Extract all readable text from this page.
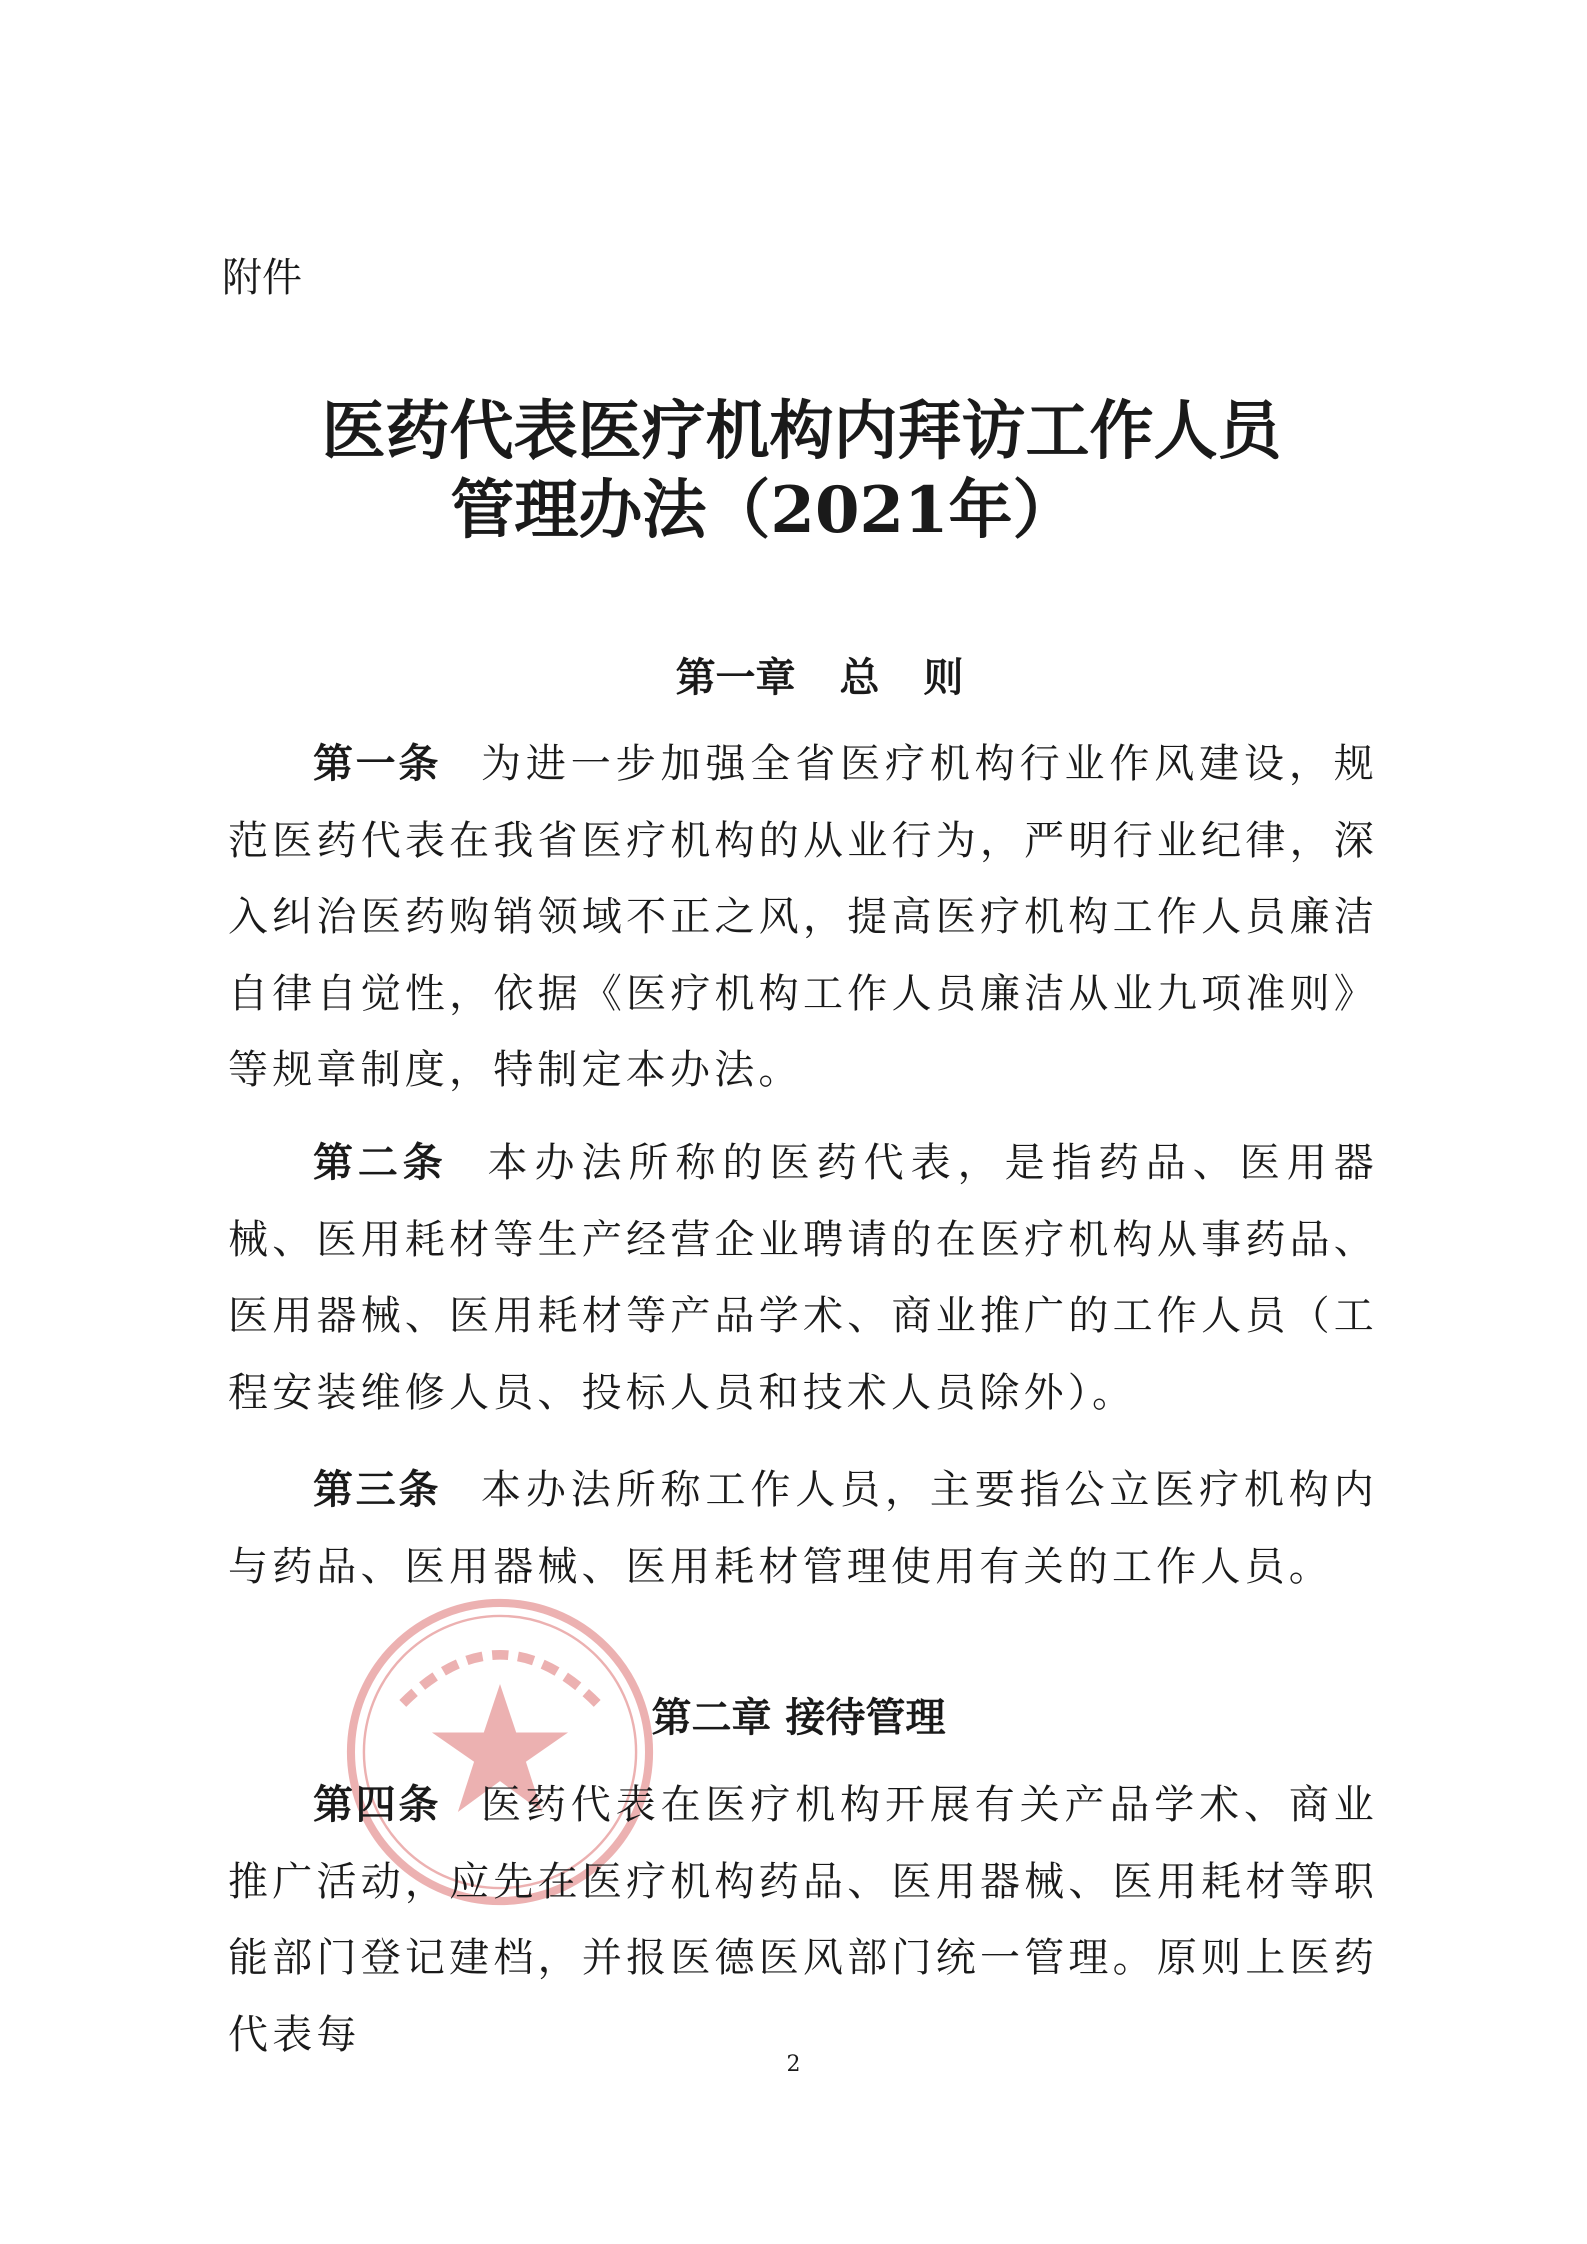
附件

医药代表医疗机构内拜访工作人员
管理办法（2021年）
第一章 总 则

第一条 为进一步加强全省医疗机构行业作风建设，规范医药代表在我省医疗机构的从业行为，严明行业纪律，深入纠治医药购销领域不正之风，提高医疗机构工作人员廉洁自律自觉性，依据《医疗机构工作人员廉洁从业九项准则》等规章制度，特制定本办法。

第二条 本办法所称的医药代表，是指药品、医用器械、医用耗材等生产经营企业聘请的在医疗机构从事药品、医用器械、医用耗材等产品学术、商业推广的工作人员（工程安装维修人员、投标人员和技术人员除外）。

第三条 本办法所称工作人员，主要指公立医疗机构内与药品、医用器械、医用耗材管理使用有关的工作人员。

第二章 接待管理

第四条 医药代表在医疗机构开展有关产品学术、商业推广活动，应先在医疗机构药品、医用器械、医用耗材等职能部门登记建档，并报医德医风部门统一管理。原则上医药代表每

2
